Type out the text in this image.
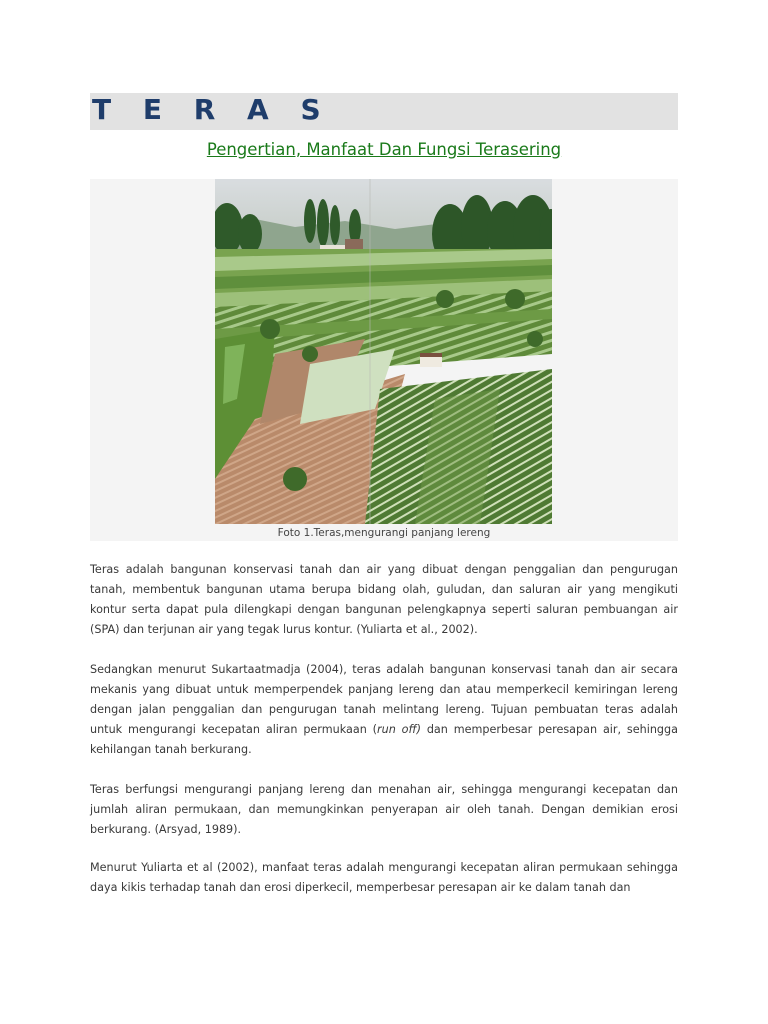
T E R A S
Pengertian, Manfaat Dan Fungsi Terasering
Foto 1.Teras,mengurangi panjang lereng

Teras adalah bangunan konservasi tanah dan air yang dibuat dengan penggalian dan pengurugan tanah, membentuk bangunan utama berupa bidang olah, guludan, dan saluran air yang mengikuti kontur serta dapat pula dilengkapi dengan bangunan pelengkapnya seperti saluran pembuangan air (SPA) dan terjunan air yang tegak lurus kontur. (Yuliarta et al., 2002).

Sedangkan menurut Sukartaatmadja (2004), teras adalah bangunan konservasi tanah dan air secara mekanis yang dibuat untuk memperpendek panjang lereng dan atau memperkecil kemiringan lereng dengan jalan penggalian dan pengurugan tanah melintang lereng. Tujuan pembuatan teras adalah untuk mengurangi kecepatan aliran permukaan (run off) dan memperbesar peresapan air, sehingga kehilangan tanah berkurang.

Teras berfungsi mengurangi panjang lereng dan menahan air, sehingga mengurangi kecepatan dan jumlah aliran permukaan, dan memungkinkan penyerapan air oleh tanah. Dengan demikian erosi berkurang. (Arsyad, 1989).

Menurut Yuliarta et al (2002), manfaat teras adalah mengurangi kecepatan aliran permukaan sehingga daya kikis terhadap tanah dan erosi diperkecil, memperbesar peresapan air ke dalam tanah dan
